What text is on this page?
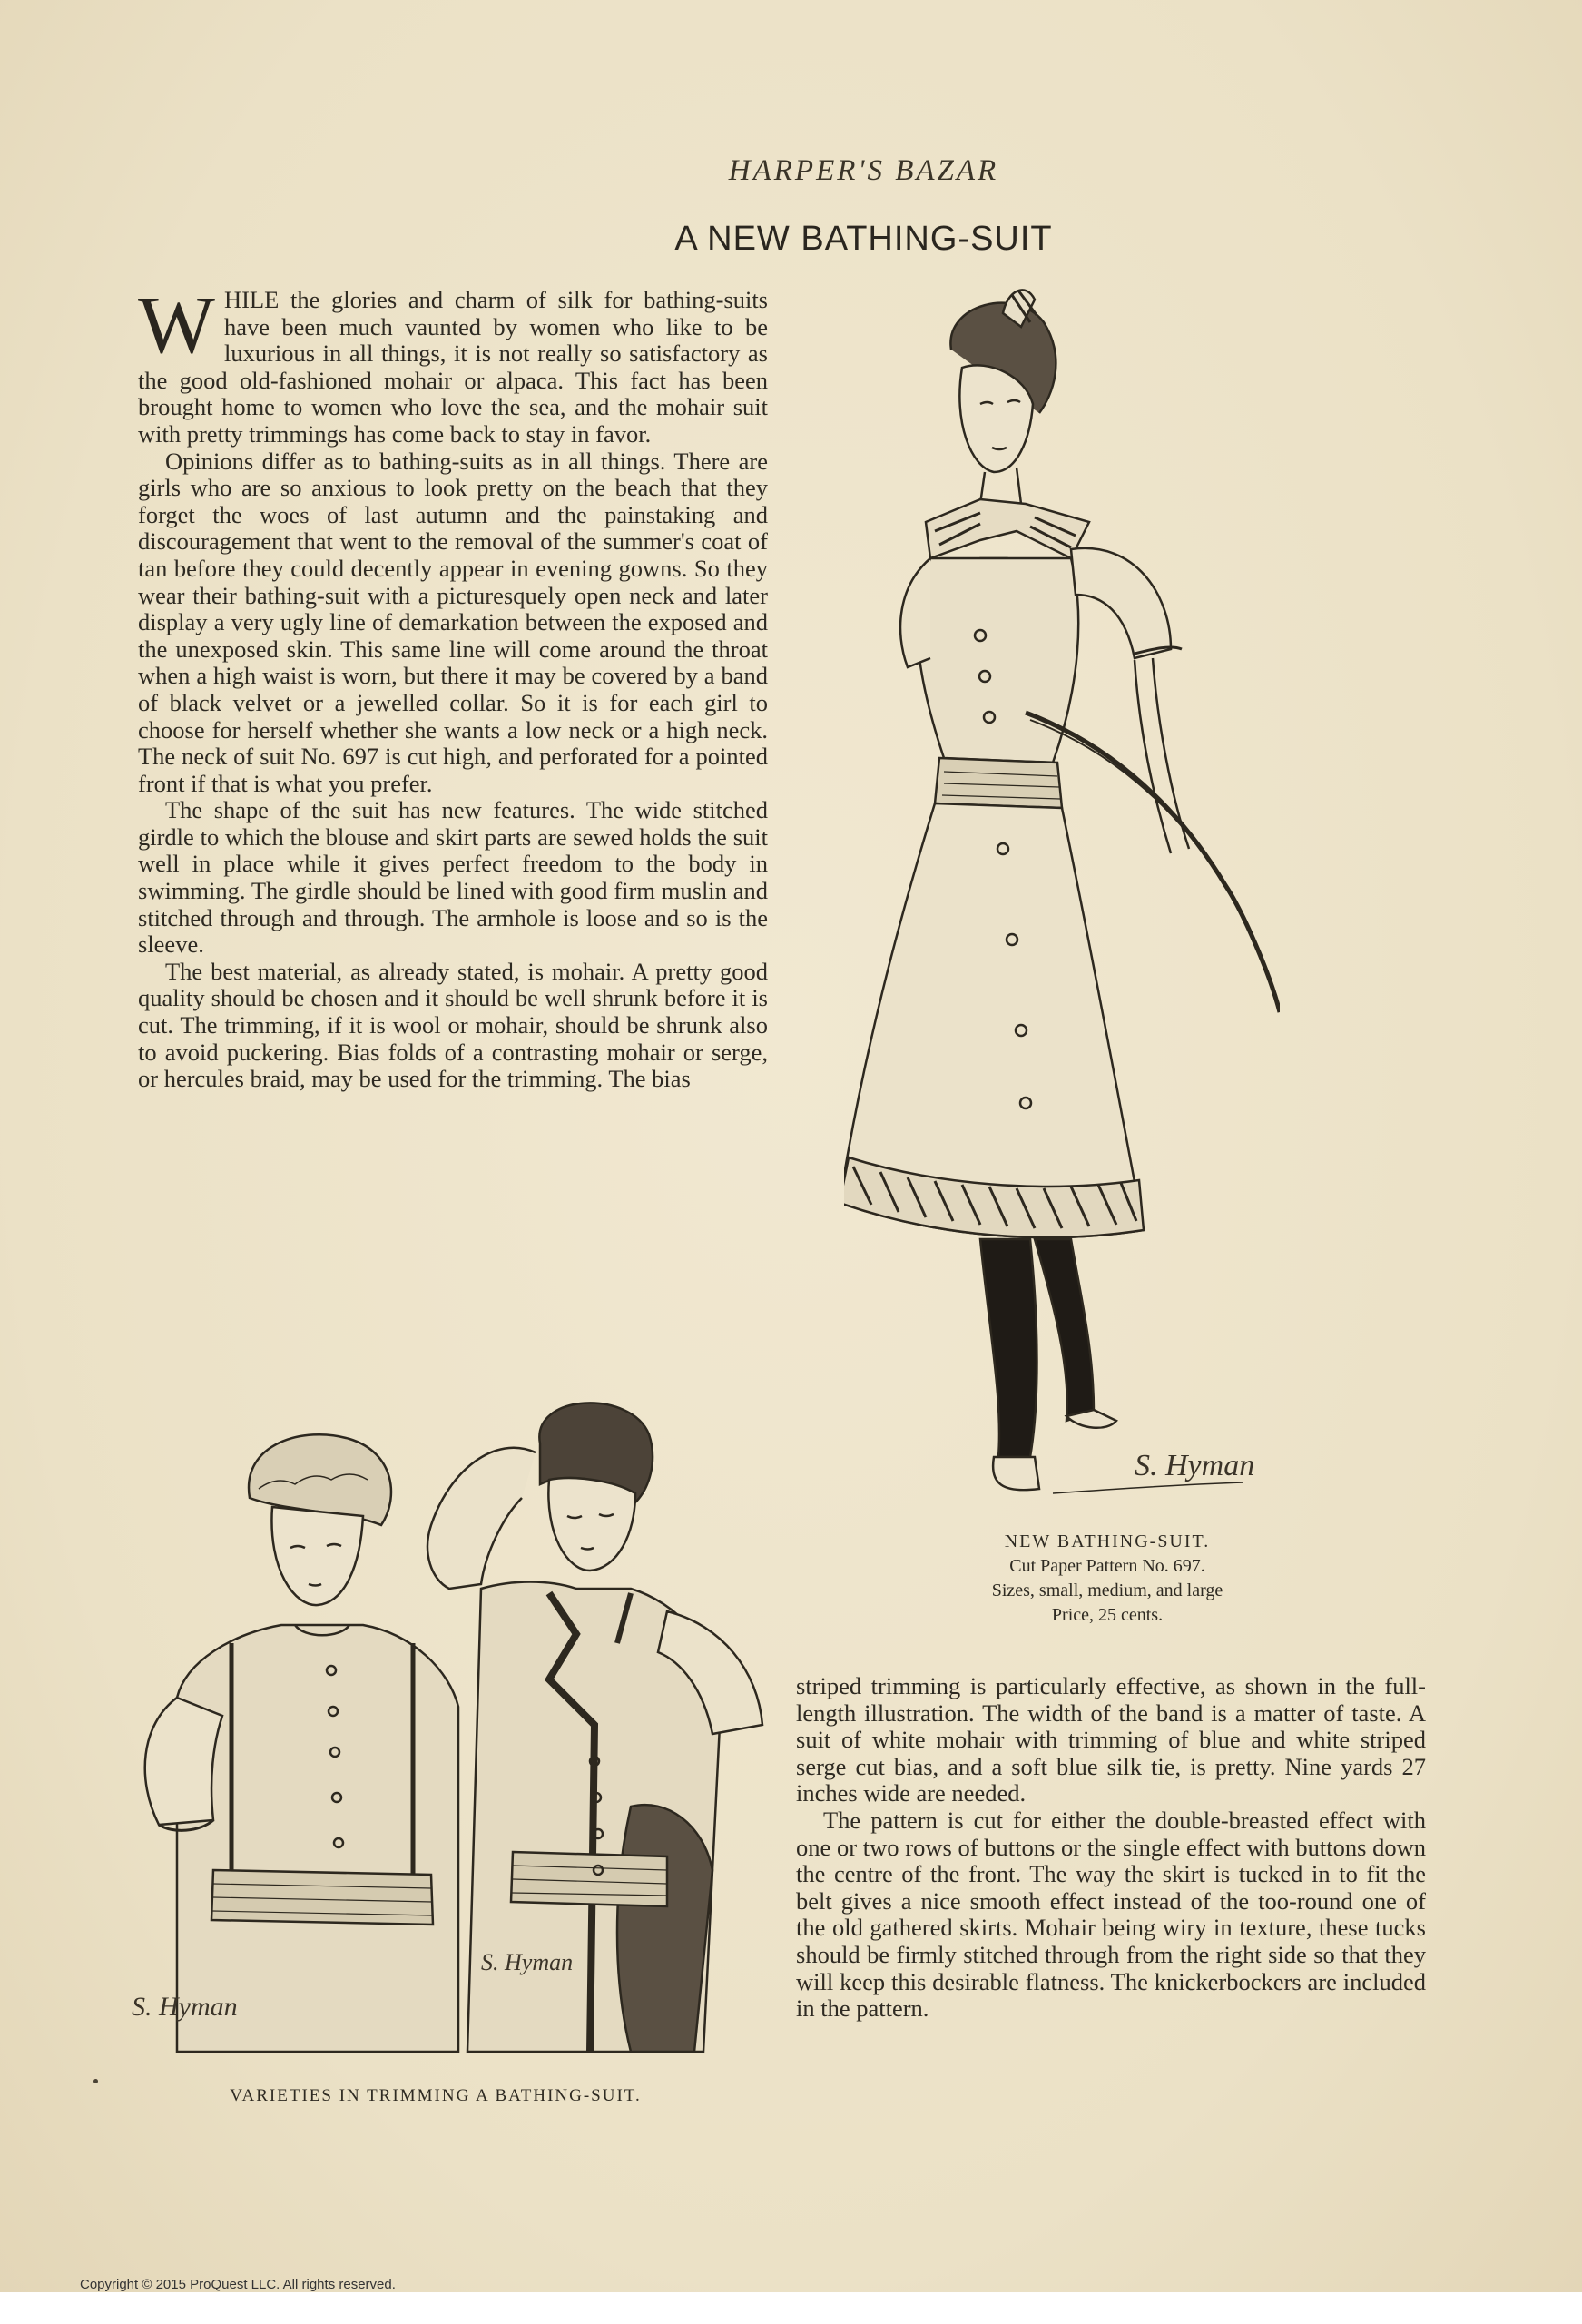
HARPER'S BAZAR
A NEW BATHING-SUIT

WHILE the glories and charm of silk for bathing-suits have been much vaunted by women who like to be luxurious in all things, it is not really so satisfactory as the good old-fashioned mohair or alpaca. This fact has been brought home to women who love the sea, and the mohair suit with pretty trimmings has come back to stay in favor.

Opinions differ as to bathing-suits as in all things. There are girls who are so anxious to look pretty on the beach that they forget the woes of last autumn and the painstaking and discouragement that went to the removal of the summer's coat of tan before they could decently appear in evening gowns. So they wear their bathing-suit with a picturesquely open neck and later display a very ugly line of demarkation between the exposed and the unexposed skin. This same line will come around the throat when a high waist is worn, but there it may be covered by a band of black velvet or a jewelled collar. So it is for each girl to choose for herself whether she wants a low neck or a high neck. The neck of suit No. 697 is cut high, and perforated for a pointed front if that is what you prefer.

The shape of the suit has new features. The wide stitched girdle to which the blouse and skirt parts are sewed holds the suit well in place while it gives perfect freedom to the body in swimming. The girdle should be lined with good firm muslin and stitched through and through. The armhole is loose and so is the sleeve.

The best material, as already stated, is mohair. A pretty good quality should be chosen and it should be well shrunk before it is cut. The trimming, if it is wool or mohair, should be shrunk also to avoid puckering. Bias folds of a contrasting mohair or serge, or hercules braid, may be used for the trimming. The bias

S. Hyman
NEW BATHING-SUIT.
Cut Paper Pattern No. 697.
Sizes, small, medium, and large
Price, 25 cents.
S. Hyman
S. Hyman
VARIETIES IN TRIMMING A BATHING-SUIT.

striped trimming is particularly effective, as shown in the full-length illustration. The width of the band is a matter of taste. A suit of white mohair with trimming of blue and white striped serge cut bias, and a soft blue silk tie, is pretty. Nine yards 27 inches wide are needed.

The pattern is cut for either the double-breasted effect with one or two rows of buttons or the single effect with buttons down the centre of the front. The way the skirt is tucked in to fit the belt gives a nice smooth effect instead of the too-round one of the old gathered skirts. Mohair being wiry in texture, these tucks should be firmly stitched through from the right side so that they will keep this desirable flatness. The knickerbockers are included in the pattern.

Copyright © 2015 ProQuest LLC. All rights reserved.
